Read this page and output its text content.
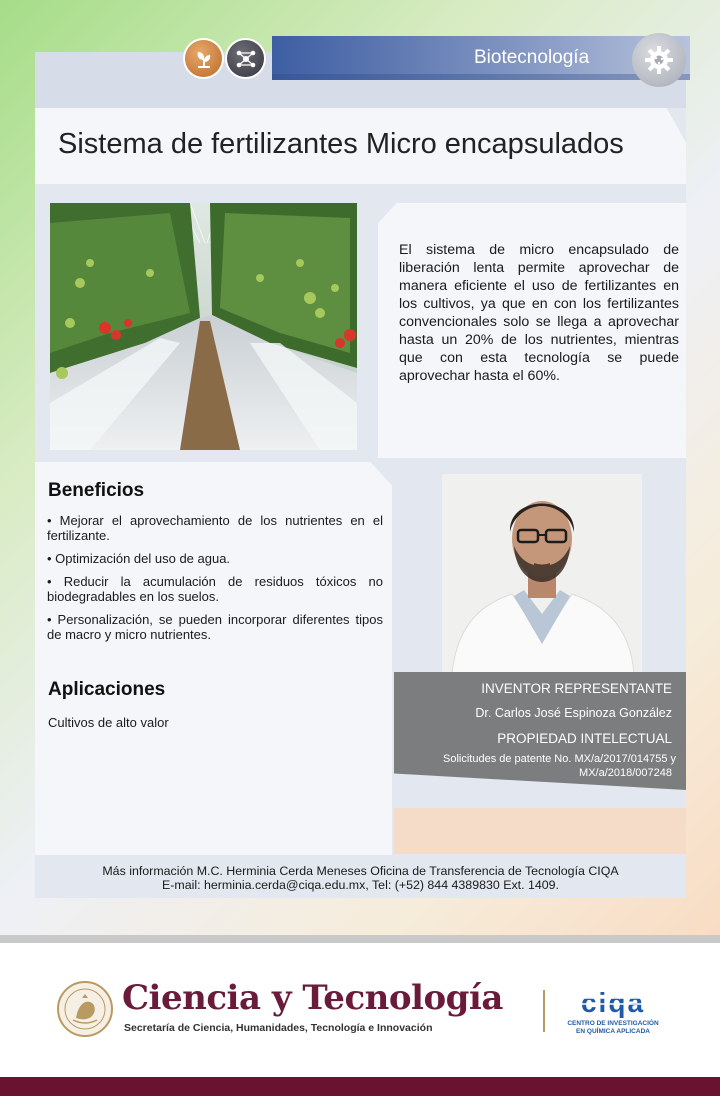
Biotecnología
Sistema de fertilizantes Micro encapsulados
El sistema de micro encapsulado de liberación lenta permite aprovechar de manera eficiente el uso de fertilizantes en los cultivos, ya que en con los fertilizantes convencionales solo se llega a aprovechar hasta un 20% de los nutrientes, mientras que con esta tecnología se puede aprovechar hasta el 60%.
Beneficios

• Mejorar el aprovechamiento de los nutrientes en el fertilizante.

• Optimización del uso de agua.

• Reducir la acumulación de residuos tóxicos no biodegradables en los suelos.

• Personalización, se pueden incorporar diferentes tipos de macro y micro nutrientes.

Aplicaciones
Cultivos de alto valor
INVENTOR REPRESENTANTE
Dr. Carlos José Espinoza González
PROPIEDAD INTELECTUAL
Solicitudes de patente No. MX/a/2017/014755 y
MX/a/2018/007248
Más información M.C. Herminia Cerda Meneses Oficina de Transferencia de Tecnología CIQA
E-mail: herminia.cerda@ciqa.edu.mx, Tel: (+52) 844 4389830 Ext. 1409.
Ciencia y Tecnología
Secretaría de Ciencia, Humanidades, Tecnología e Innovación
ciqa
CENTRO DE INVESTIGACIÓN
EN QUÍMICA APLICADA
